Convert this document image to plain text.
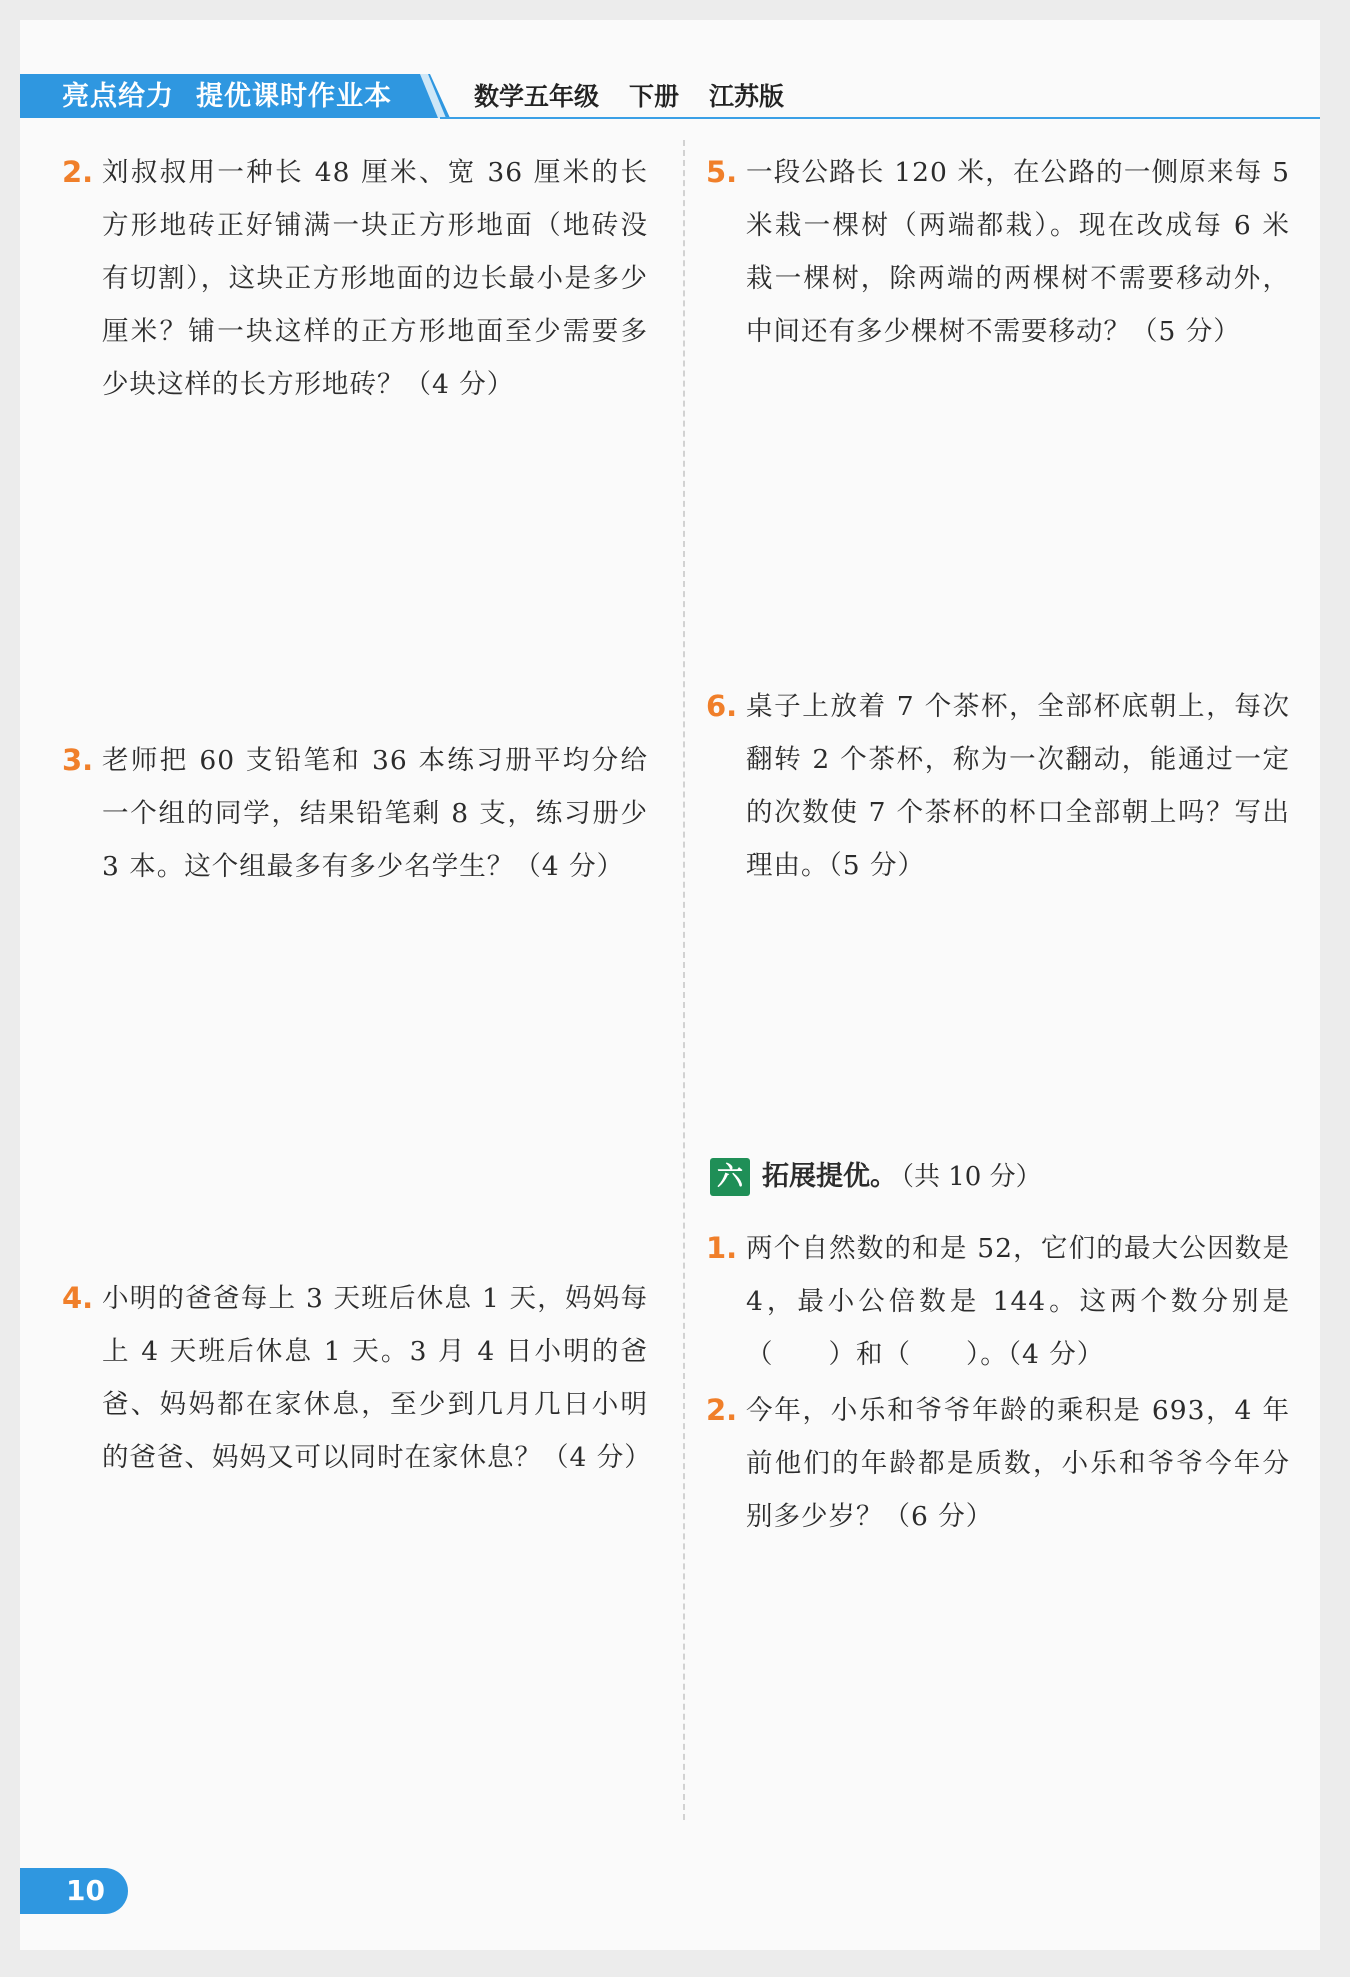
亮点给力 提优课时作业本	数学五年级 下册 江苏版
2. 刘叔叔用一种长 48 厘米、宽 36 厘米的长方形地砖正好铺满一块正方形地面（地砖没有切割），这块正方形地面的边长最小是多少厘米？铺一块这样的正方形地面至少需要多少块这样的长方形地砖？（4 分）
3. 老师把 60 支铅笔和 36 本练习册平均分给一个组的同学，结果铅笔剩 8 支，练习册少 3 本。这个组最多有多少名学生？（4 分）
4. 小明的爸爸每上 3 天班后休息 1 天，妈妈每上 4 天班后休息 1 天。3 月 4 日小明的爸爸、妈妈都在家休息，至少到几月几日小明的爸爸、妈妈又可以同时在家休息？（4 分）
5. 一段公路长 120 米，在公路的一侧原来每 5 米栽一棵树（两端都栽）。现在改成每 6 米栽一棵树，除两端的两棵树不需要移动外，中间还有多少棵树不需要移动？（5 分）
6. 桌子上放着 7 个茶杯，全部杯底朝上，每次翻转 2 个茶杯，称为一次翻动，能通过一定的次数使 7 个茶杯的杯口全部朝上吗？写出理由。（5 分）
六 拓展提优。 （共 10 分）
1. 两个自然数的和是 52，它们的最大公因数是 4，最小公倍数是 144。这两个数分别是（　　）和（　　）。（4 分）
2. 今年，小乐和爷爷年龄的乘积是 693，4 年前他们的年龄都是质数，小乐和爷爷今年分别多少岁？（6 分）
10
